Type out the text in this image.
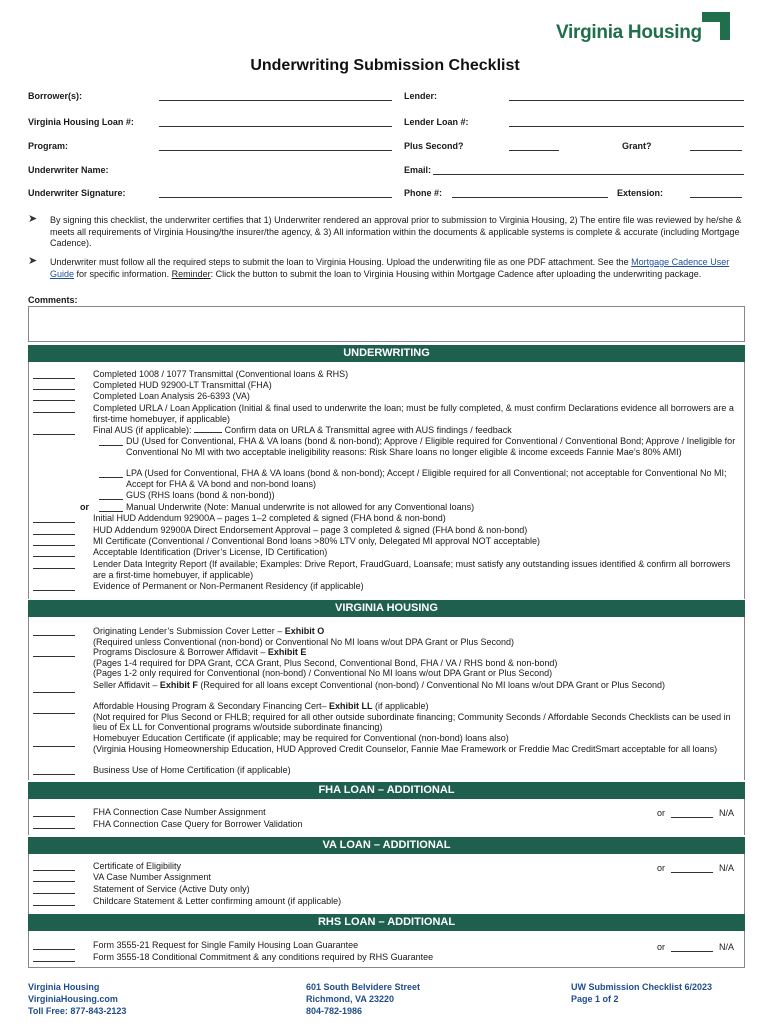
Virginia Housing
Underwriting Submission Checklist
Borrower(s):	Lender:
Virginia Housing Loan #:	Lender Loan #:
Program:	Plus Second?	Grant?
Underwriter Name:	Email:
Underwriter Signature:	Phone #:	Extension:
➤ By signing this checklist, the underwriter certifies that 1) Underwriter rendered an approval prior to submission to Virginia Housing, 2) The entire file was reviewed by he/she & meets all requirements of Virginia Housing/the insurer/the agency, & 3) All information within the documents & applicable systems is complete & accurate (including Mortgage Cadence).
➤ Underwriter must follow all the required steps to submit the loan to Virginia Housing. Upload the underwriting file as one PDF attachment. See the Mortgage Cadence User Guide for specific information. Reminder: Click the button to submit the loan to Virginia Housing within Mortgage Cadence after uploading the underwriting package.
Comments:
UNDERWRITING
Completed 1008 / 1077 Transmittal (Conventional loans & RHS)
Completed HUD 92900-LT Transmittal (FHA)
Completed Loan Analysis 26-6393 (VA)
Completed URLA / Loan Application (Initial & final used to underwrite the loan; must be fully completed, & must confirm Declarations evidence all borrowers are a first-time homebuyer, if applicable)
Final AUS (if applicable):	Confirm data on URLA & Transmittal agree with AUS findings / feedback
DU (Used for Conventional, FHA & VA loans (bond & non-bond); Approve / Eligible required for Conventional / Conventional Bond; Approve / Ineligible for Conventional No MI with two acceptable ineligibility reasons: Risk Share loans no longer eligible & income exceeds Fannie Mae’s 80% AMI)
LPA (Used for Conventional, FHA & VA loans (bond & non-bond); Accept / Eligible required for all Conventional; not acceptable for Conventional No MI; Accept for FHA & VA bond and non-bond loans)
GUS (RHS loans (bond & non-bond))
or	Manual Underwrite (Note: Manual underwrite is not allowed for any Conventional loans)
Initial HUD Addendum 92900A – pages 1–2 completed & signed (FHA bond & non-bond)
HUD Addendum 92900A Direct Endorsement Approval – page 3 completed & signed (FHA bond & non-bond)
MI Certificate (Conventional / Conventional Bond loans >80% LTV only, Delegated MI approval NOT acceptable)
Acceptable Identification (Driver’s License, ID Certification)
Lender Data Integrity Report (If available; Examples: Drive Report, FraudGuard, Loansafe; must satisfy any outstanding issues identified & confirm all borrowers are a first-time homebuyer, if applicable)
Evidence of Permanent or Non-Permanent Residency (if applicable)
VIRGINIA HOUSING
Originating Lender’s Submission Cover Letter – Exhibit O
(Required unless Conventional (non-bond) or Conventional No MI loans w/out DPA Grant or Plus Second)
Programs Disclosure & Borrower Affidavit – Exhibit E
(Pages 1-4 required for DPA Grant, CCA Grant, Plus Second, Conventional Bond, FHA / VA / RHS bond & non-bond)
(Pages 1-2 only required for Conventional (non-bond) / Conventional No MI loans w/out DPA Grant or Plus Second)
Seller Affidavit – Exhibit F (Required for all loans except Conventional (non-bond) / Conventional No MI loans w/out DPA Grant or Plus Second)
Affordable Housing Program & Secondary Financing Cert– Exhibit LL (if applicable)
(Not required for Plus Second or FHLB; required for all other outside subordinate financing; Community Seconds / Affordable Seconds Checklists can be used in lieu of Ex LL for Conventional programs w/outside subordinate financing)
Homebuyer Education Certificate (if applicable; may be required for Conventional (non-bond) loans also)
(Virginia Housing Homeownership Education, HUD Approved Credit Counselor, Fannie Mae Framework or Freddie Mac CreditSmart acceptable for all loans)
Business Use of Home Certification (if applicable)
FHA LOAN – ADDITIONAL
FHA Connection Case Number Assignment
FHA Connection Case Query for Borrower Validation
or	N/A
VA LOAN – ADDITIONAL
Certificate of Eligibility
VA Case Number Assignment
Statement of Service (Active Duty only)
Childcare Statement & Letter confirming amount (if applicable)
or	N/A
RHS LOAN – ADDITIONAL
Form 3555-21 Request for Single Family Housing Loan Guarantee
Form 3555-18 Conditional Commitment & any conditions required by RHS Guarantee
or	N/A
Virginia Housing
VirginiaHousing.com
Toll Free: 877-843-2123
601 South Belvidere Street
Richmond, VA 23220
804-782-1986
UW Submission Checklist 6/2023
Page 1 of 2
